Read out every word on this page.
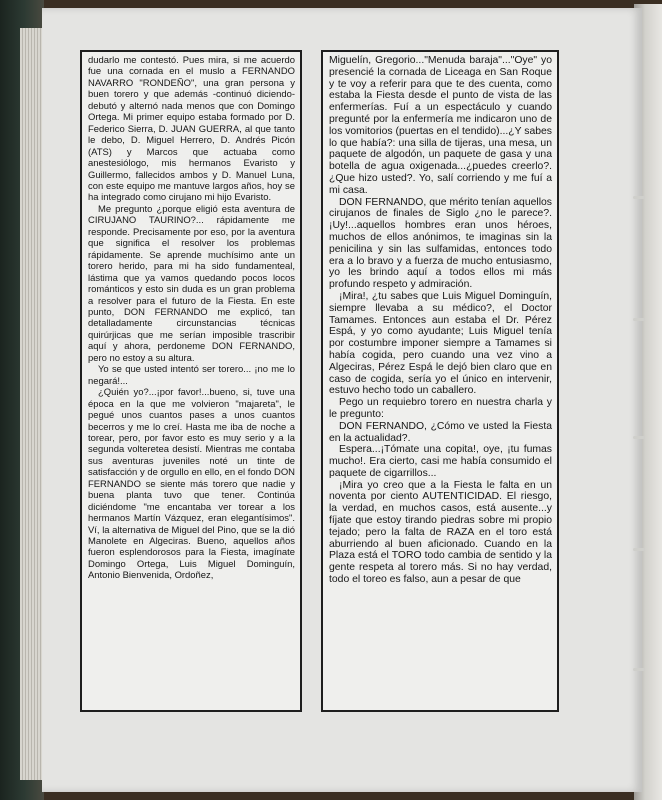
dudarlo me contestó. Pues mira, si me acuerdo fue una cornada en el muslo a FERNANDO NAVARRO "RONDEÑO", una gran persona y buen torero y que además -continuó diciendo- debutó y alternó nada menos que con Domingo Ortega. Mi primer equipo estaba formado por D. Federico Sierra, D. JUAN GUERRA, al que tanto le debo, D. Miguel Herrero, D. Andrés Picón (ATS) y Marcos que actuaba como anestesiólogo, mis hermanos Evaristo y Guillermo, fallecidos ambos y D. Manuel Luna, con este equipo me mantuve largos años, hoy se ha integrado como cirujano mi hijo Evaristo.

Me pregunto ¿porque eligió esta aventura de CIRUJANO TAURINO?... rápidamente me responde. Precisamente por eso, por la aventura que significa el resolver los problemas rápidamente. Se aprende muchísimo ante un torero herido, para mi ha sido fundamenteal, lástima que ya vamos quedando pocos locos románticos y esto sin duda es un gran problema a resolver para el futuro de la Fiesta. En este punto, DON FERNANDO me explicó, tan detalladamente circunstancias técnicas quirúrjicas que me serían imposible trascribir aquí y ahora, perdoneme DON FERNANDO, pero no estoy a su altura.

Yo se que usted intentó ser torero... ¡no me lo negará!...

¿Quién yo?...¡por favor!...bueno, si, tuve una época en la que me volvieron "majareta", le pegué unos cuantos pases a unos cuantos becerros y me lo creí. Hasta me iba de noche a torear, pero, por favor esto es muy serio y a la segunda volteretea desistí. Mientras me contaba sus aventuras juveniles noté un tinte de satisfacción y de orgullo en ello, en el fondo DON FERNANDO se siente más torero que nadie y buena planta tuvo que tener. Continúa diciéndome "me encantaba ver torear a los hermanos Martín Vázquez, eran elegantísimos". Ví, la alternativa de Miguel del Pino, que se la dió Manolete en Algeciras. Bueno, aquellos años fueron esplendorosos para la Fiesta, imagínate Domingo Ortega, Luis Miguel Dominguín, Antonio Bienvenida, Ordoñez,

Miguelín, Gregorio..."Menuda baraja"..."Oye" yo presencié la cornada de Liceaga en San Roque y te voy a referir para que te des cuenta, como estaba la Fiesta desde el punto de vista de las enfermerías. Fuí a un espectáculo y cuando pregunté por la enfermería me indicaron uno de los vomitorios (puertas en el tendido)...¿Y sabes lo que había?: una silla de tijeras, una mesa, un paquete de algodón, un paquete de gasa y una botella de agua oxigenada...¿puedes creerlo?. ¿Que hizo usted?. Yo, salí corriendo y me fuí a mi casa.

DON FERNANDO, que mérito tenían aquellos cirujanos de finales de Siglo ¿no le parece?. ¡Uy!...aquellos hombres eran unos héroes, muchos de ellos anónimos, te imaginas sin la penicilina y sin las sulfamidas, entonces todo era a lo bravo y a fuerza de mucho entusiasmo, yo les brindo aquí a todos ellos mi más profundo respeto y admiración.

¡Mira!, ¿tu sabes que Luis Miguel Dominguín, siempre llevaba a su médico?, el Doctor Tamames. Entonces aun estaba el Dr. Pérez Espá, y yo como ayudante; Luis Miguel tenía por costumbre imponer siempre a Tamames si había cogida, pero cuando una vez vino a Algeciras, Pérez Espá le dejó bien claro que en caso de cogida, sería yo el único en intervenir, estuvo hecho todo un caballero.

Pego un requiebro torero en nuestra charla y le pregunto:

DON FERNANDO, ¿Cómo ve usted la Fiesta en la actualidad?.

Espera...¡Tómate una copita!, oye, ¡tu fumas mucho!. Era cierto, casi me había consumido el paquete de cigarrillos...

¡Mira yo creo que a la Fiesta le falta en un noventa por ciento AUTENTICIDAD. El riesgo, la verdad, en muchos casos, está ausente...y fíjate que estoy tirando piedras sobre mi propio tejado; pero la falta de RAZA en el toro está aburriendo al buen aficionado. Cuando en la Plaza está el TORO todo cambia de sentido y la gente respeta al torero más. Si no hay verdad, todo el toreo es falso, aun a pesar de que
